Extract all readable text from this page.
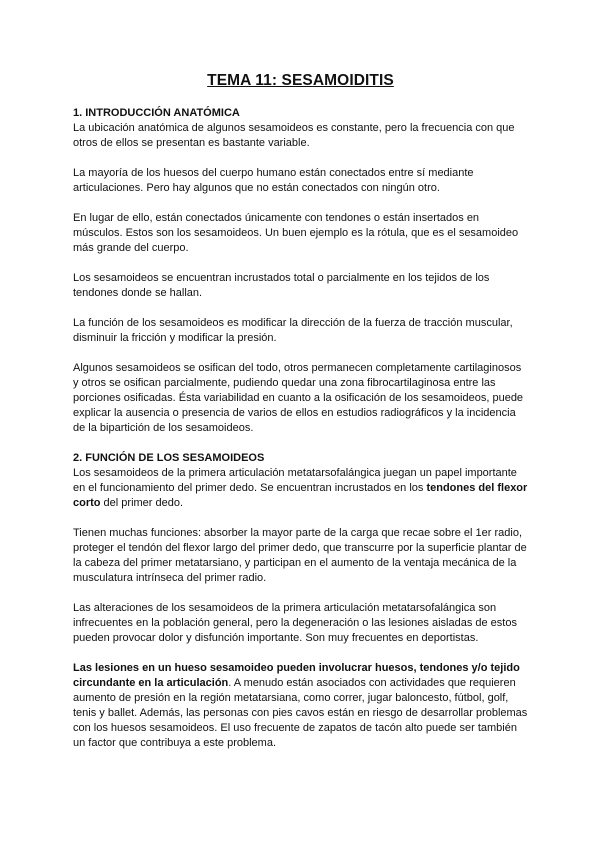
TEMA 11: SESAMOIDITIS
1. INTRODUCCIÓN ANATÓMICA

La ubicación anatómica de algunos sesamoideos es constante, pero la frecuencia con que otros de ellos se presentan es bastante variable.

La mayoría de los huesos del cuerpo humano están conectados entre sí mediante articulaciones. Pero hay algunos que no están conectados con ningún otro.

En lugar de ello, están conectados únicamente con tendones o están insertados en músculos. Estos son los sesamoideos. Un buen ejemplo es la rótula, que es el sesamoideo más grande del cuerpo.

Los sesamoideos se encuentran incrustados total o parcialmente en los tejidos de los tendones donde se hallan.

La función de los sesamoideos es modificar la dirección de la fuerza de tracción muscular, disminuir la fricción y modificar la presión.

Algunos sesamoideos se osifican del todo, otros permanecen completamente cartilaginosos y otros se osifican parcialmente, pudiendo quedar una zona fibrocartilaginosa entre las porciones osificadas. Ésta variabilidad en cuanto a la osificación de los sesamoideos, puede explicar la ausencia o presencia de varios de ellos en estudios radiográficos y la incidencia de la bipartición de los sesamoideos.

2. FUNCIÓN DE LOS SESAMOIDEOS

Los sesamoideos de la primera articulación metatarsofalángica juegan un papel importante en el funcionamiento del primer dedo. Se encuentran incrustados en los tendones del flexor corto del primer dedo.

Tienen muchas funciones: absorber la mayor parte de la carga que recae sobre el 1er radio, proteger el tendón del flexor largo del primer dedo, que transcurre por la superficie plantar de la cabeza del primer metatarsiano, y participan en el aumento de la ventaja mecánica de la musculatura intrínseca del primer radio.

Las alteraciones de los sesamoideos de la primera articulación metatarsofalángica son infrecuentes en la población general, pero la degeneración o las lesiones aisladas de estos pueden provocar dolor y disfunción importante. Son muy frecuentes en deportistas.

Las lesiones en un hueso sesamoideo pueden involucrar huesos, tendones y/o tejido circundante en la articulación. A menudo están asociados con actividades que requieren aumento de presión en la región metatarsiana, como correr, jugar baloncesto, fútbol, golf, tenis y ballet. Además, las personas con pies cavos están en riesgo de desarrollar problemas con los huesos sesamoideos. El uso frecuente de zapatos de tacón alto puede ser también un factor que contribuya a este problema.
